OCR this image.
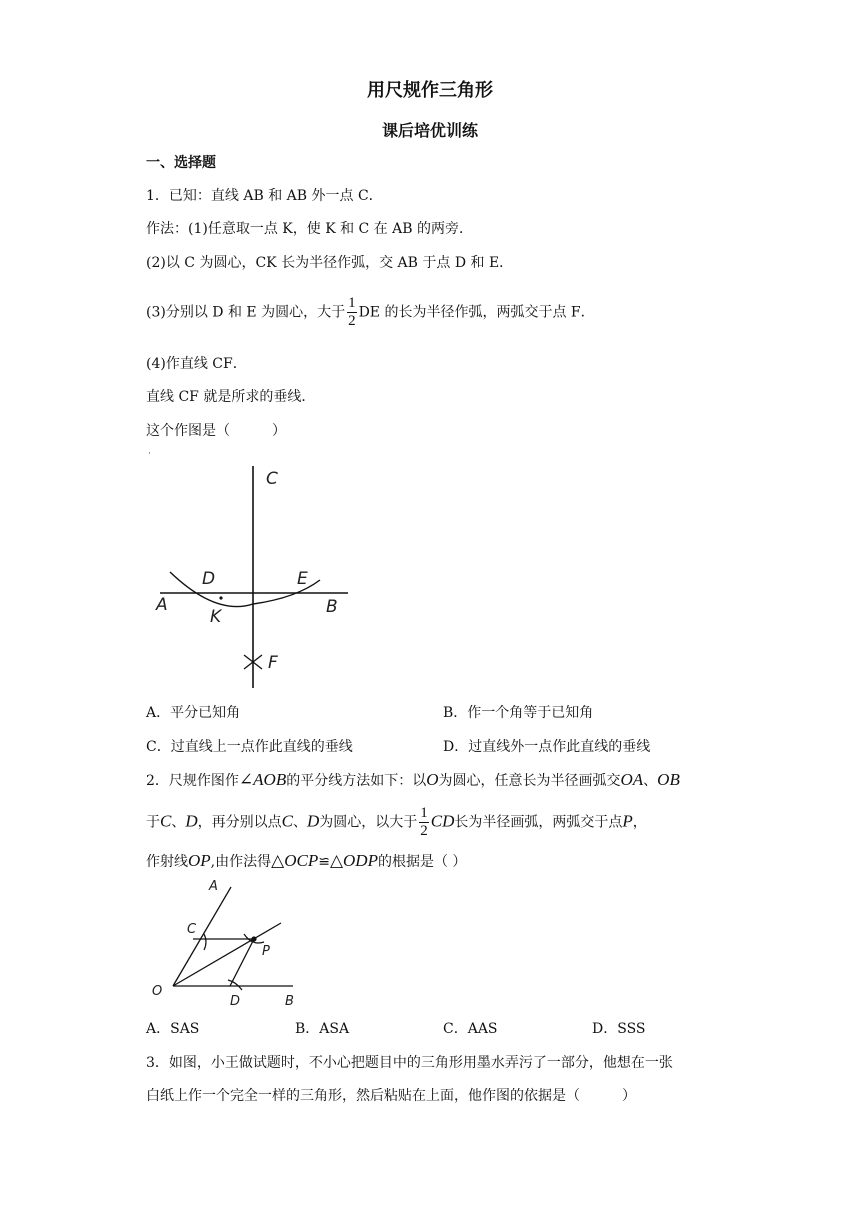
用尺规作三角形
课后培优训练
一、选择题
1．已知：直线 AB 和 AB 外一点 C．
作法：(1)任意取一点 K，使 K 和 C 在 AB 的两旁．
(2)以 C 为圆心，CK 长为半径作弧，交 AB 于点 D 和 E．
(3)分别以 D 和 E 为圆心，大于 $\frac{1}{2}$ DE 的长为半径作弧，两弧交于点 F．
(4)作直线 CF．
直线 CF 就是所求的垂线．
这个作图是（　　　）
·
C
D	E
A
K	B
F
A．平分已知角	B．作一个角等于已知角
C．过直线上一点作此直线的垂线	D．过直线外一点作此直线的垂线
2．尺规作图作∠AOB的平分线方法如下：以O为圆心，任意长为半径画弧交OA、OB
于C、D，再分别以点C、D为圆心，以大于 $\frac{1}{2}$ CD长为半径画弧，两弧交于点P，
作射线OP,由作法得△OCP≌△ODP的根据是（ ）
A
C
P
O
D	B
A．SAS	B．ASA	C．AAS	D．SSS
3．如图，小王做试题时，不小心把题目中的三角形用墨水弄污了一部分，他想在一张
白纸上作一个完全一样的三角形，然后粘贴在上面，他作图的依据是（　　　）
